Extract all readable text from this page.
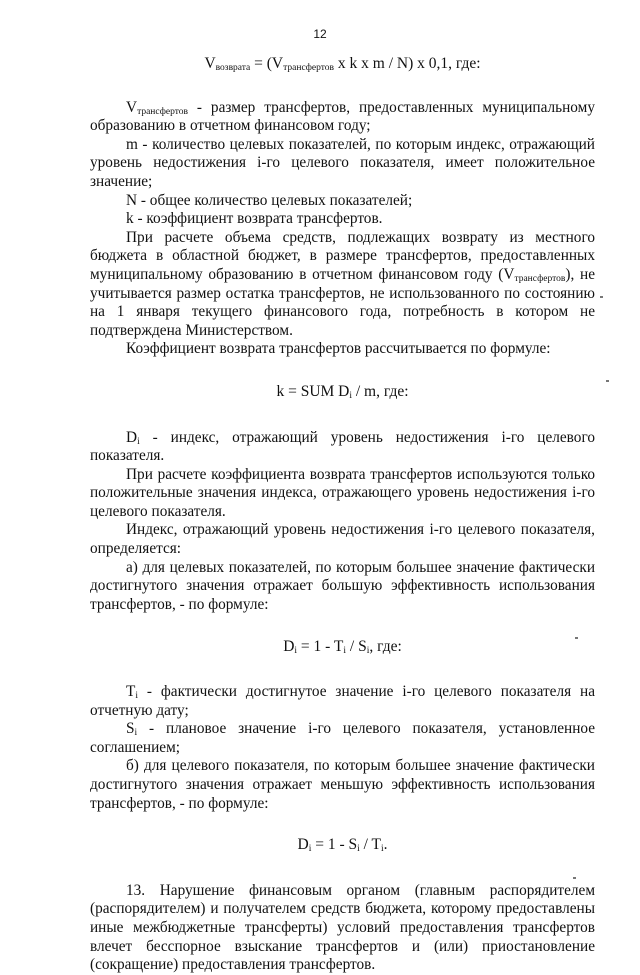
12
$V_{возврата} = (V_{трансфертов}$ x k x m / N) x 0,1, где:

$V_{трансфертов}$ - размер трансфертов, предоставленных муниципальному образованию в отчетном финансовом году;

m - количество целевых показателей, по которым индекс, отражающий уровень недостижения i-го целевого показателя, имеет положительное значение;

N - общее количество целевых показателей;

k - коэффициент возврата трансфертов.

При расчете объема средств, подлежащих возврату из местного бюджета в областной бюджет, в размере трансфертов, предоставленных муниципальному образованию в отчетном финансовом году $(V_{трансфертов})$, не учитывается размер остатка трансфертов, не использованного по состоянию на 1 января текущего финансового года, потребность в котором не подтверждена Министерством.

Коэффициент возврата трансфертов рассчитывается по формуле:

k = SUM $D_i$ / m, где:

$D_i$ - индекс, отражающий уровень недостижения i-го целевого показателя.

При расчете коэффициента возврата трансфертов используются только положительные значения индекса, отражающего уровень недостижения i-го целевого показателя.

Индекс, отражающий уровень недостижения i-го целевого показателя, определяется:

а) для целевых показателей, по которым большее значение фактически достигнутого значения отражает большую эффективность использования трансфертов, - по формуле:

$D_i = 1 - T_i / S_i$, где:

$T_i$ - фактически достигнутое значение i-го целевого показателя на отчетную дату;

$S_i$ - плановое значение i-го целевого показателя, установленное соглашением;

б) для целевого показателя, по которым большее значение фактически достигнутого значения отражает меньшую эффективность использования трансфертов, - по формуле:

$D_i = 1 - S_i / T_i$.

13. Нарушение финансовым органом (главным распорядителем (распорядителем) и получателем средств бюджета, которому предоставлены иные межбюджетные трансферты) условий предоставления трансфертов влечет бесспорное взыскание трансфертов и (или) приостановление (сокращение) предоставления трансфертов.
